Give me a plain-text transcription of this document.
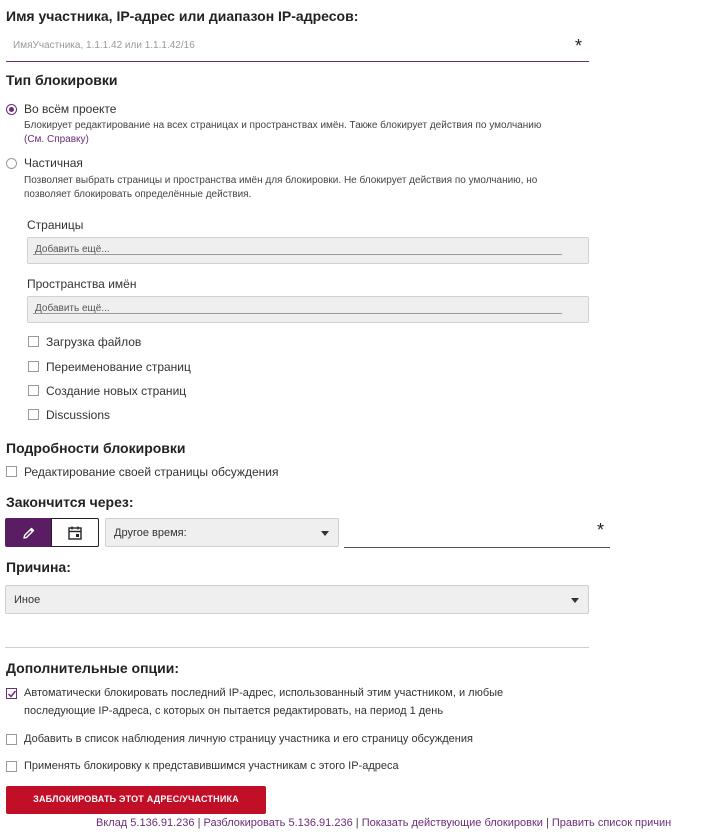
Имя участника, IP-адрес или диапазон IP-адресов:
ИмяУчастника, 1.1.1.42 или 1.1.1.42/16	*
Тип блокировки
Во всём проекте
Блокирует редактирование на всех страницах и пространствах имён. Также блокирует действия по умолчанию
(См. Справку)
Частичная
Позволяет выбрать страницы и пространства имён для блокировки. Не блокирует действия по умолчанию, но
позволяет блокировать определённые действия.
Страницы
Добавить ещё...
Пространства имён
Добавить ещё...
Загрузка файлов
Переименование страниц
Создание новых страниц
Discussions
Подробности блокировки
Редактирование своей страницы обсуждения
Закончится через:
Другое время:	*
Причина:
Иное
Дополнительные опции:
Автоматически блокировать последний IP-адрес, использованный этим участником, и любые
последующие IP-адреса, с которых он пытается редактировать, на период 1 день
Добавить в список наблюдения личную страницу участника и его страницу обсуждения
Применять блокировку к представившимся участникам с этого IP-адреса
ЗАБЛОКИРОВАТЬ ЭТОТ АДРЕС/УЧАСТНИКА
Вклад 5.136.91.236 | Разблокировать 5.136.91.236 | Показать действующие блокировки | Править список причин
